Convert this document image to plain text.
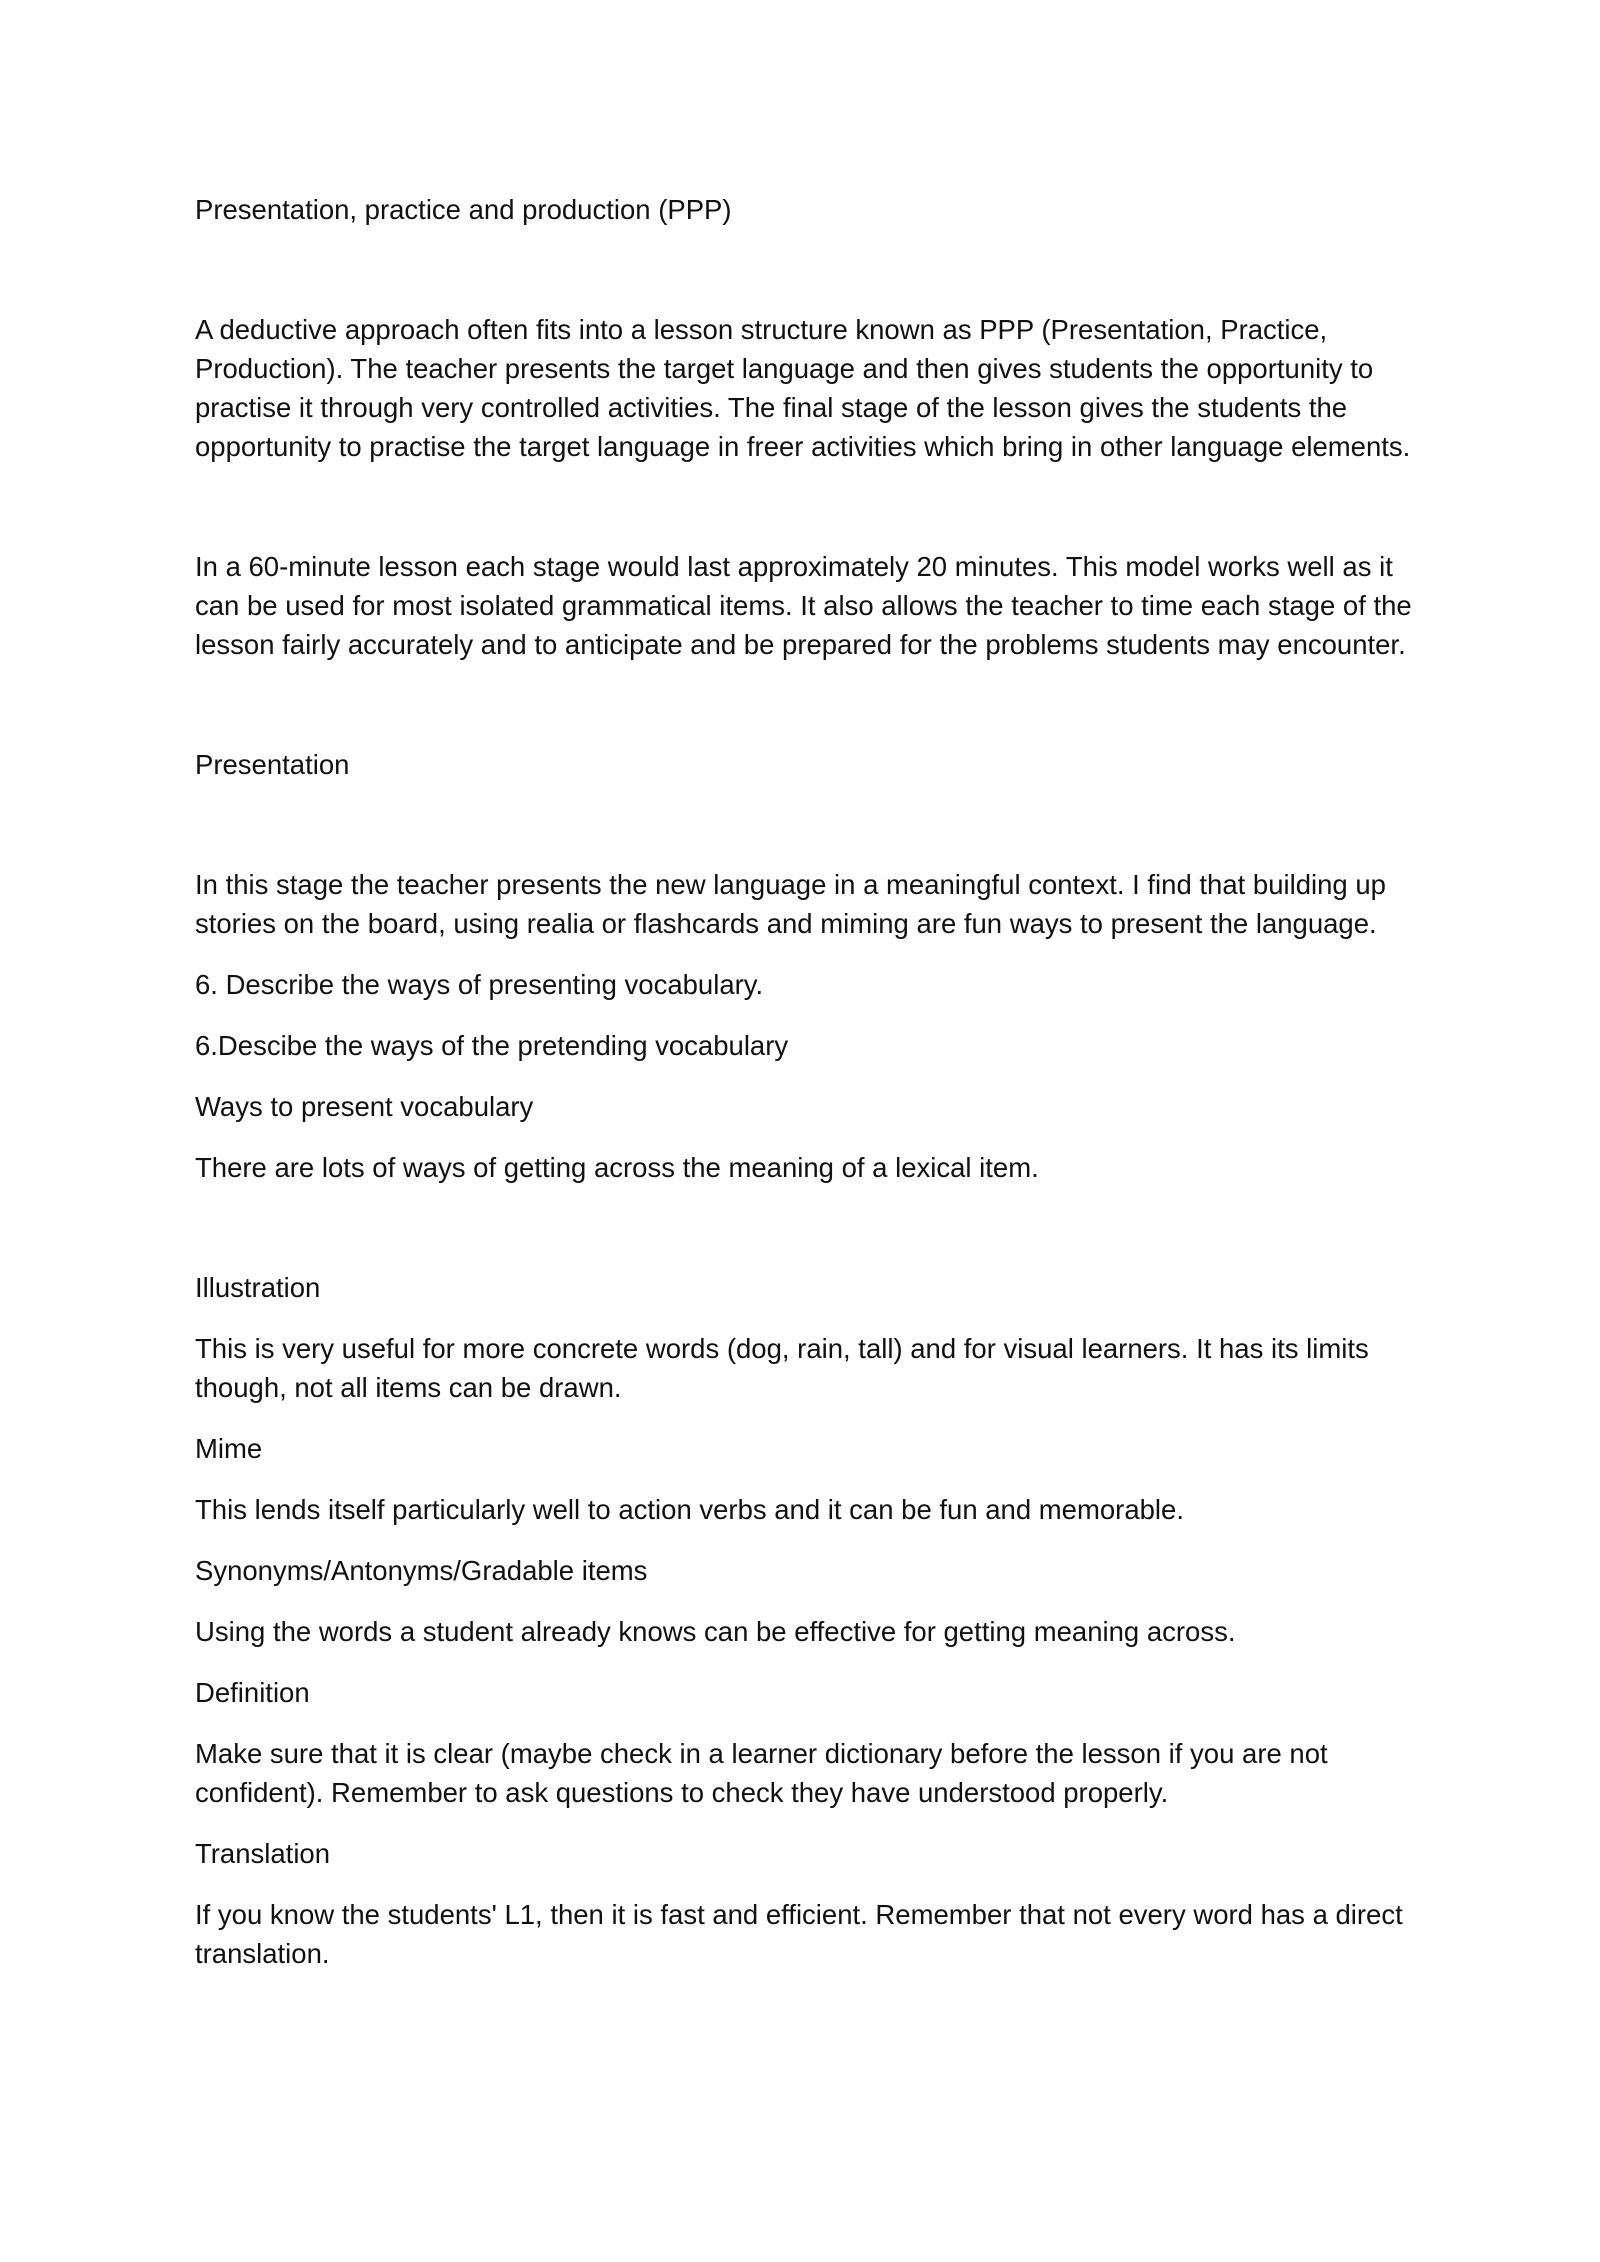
Presentation, practice and production (PPP)

A deductive approach often fits into a lesson structure known as PPP (Presentation, Practice, Production). The teacher presents the target language and then gives students the opportunity to practise it through very controlled activities. The final stage of the lesson gives the students the opportunity to practise the target language in freer activities which bring in other language elements.

In a 60-minute lesson each stage would last approximately 20 minutes. This model works well as it can be used for most isolated grammatical items. It also allows the teacher to time each stage of the lesson fairly accurately and to anticipate and be prepared for the problems students may encounter.

Presentation

In this stage the teacher presents the new language in a meaningful context. I find that building up stories on the board, using realia or flashcards and miming are fun ways to present the language.

6. Describe the ways of presenting vocabulary.

6.Descibe the ways of the pretending vocabulary

Ways to present vocabulary

There are lots of ways of getting across the meaning of a lexical item.

Illustration

This is very useful for more concrete words (dog, rain, tall) and for visual learners. It has its limits though, not all items can be drawn.

Mime

This lends itself particularly well to action verbs and it can be fun and memorable.

Synonyms/Antonyms/Gradable items

Using the words a student already knows can be effective for getting meaning across.

Definition

Make sure that it is clear (maybe check in a learner dictionary before the lesson if you are not confident). Remember to ask questions to check they have understood properly.

Translation

If you know the students' L1, then it is fast and efficient. Remember that not every word has a direct translation.
